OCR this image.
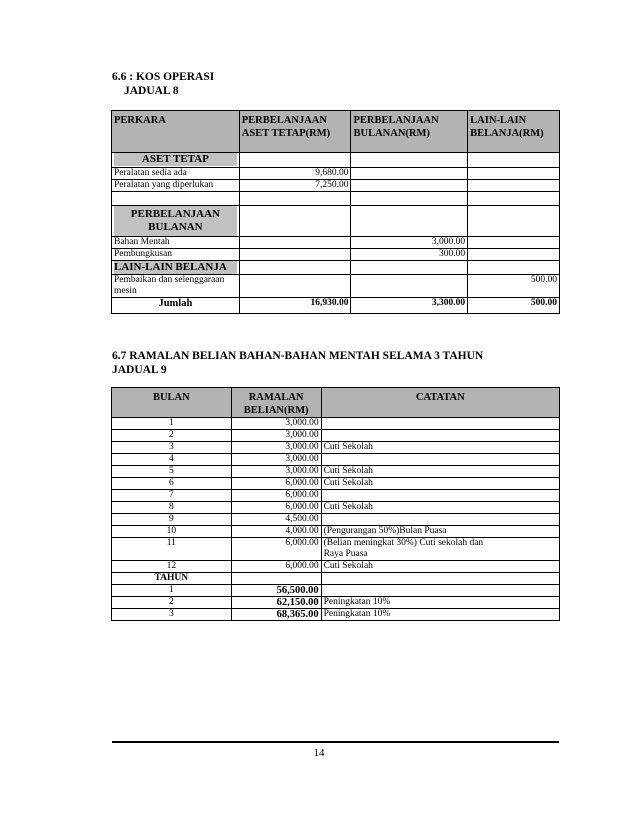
6.6 : KOS OPERASI
JADUAL 8
PERKARA	PERBELANJAAN ASET TETAP(RM)	PERBELANJAAN BULANAN(RM)	LAIN-LAIN BELANJA(RM)

ASET TETAP			

Peralatan sedia ada	9,680.00		
Peralatan yang diperlukan	7,250.00		

PERBELANJAAN BULANAN			

Bahan Mentah		3,000.00	
Pembungkusan		300.00	

LAIN-LAIN BELANJA			

Pembaikan dan selenggaraan mesin			500.00
Jumlah	16,930.00	3,300.00	500.00
6.7 RAMALAN BELIAN BAHAN-BAHAN MENTAH SELAMA 3 TAHUN
JADUAL 9
BULAN	RAMALAN BELIAN(RM)	CATATAN
1	3,000.00	
2	3,000.00	
3	3,000.00	Cuti Sekolah
4	3,000.00	
5	3,000.00	Cuti Sekolah
6	6,000.00	Cuti Sekolah
7	6,000.00	
8	6,000.00	Cuti Sekolah
9	4,500.00	
10	4,000.00	(Pengurangan 50%)Bulan Puasa
11	6,000.00	(Belian meningkat 30%) Cuti sekolah dan Raya Puasa
12	6,000.00	Cuti Sekolah
TAHUN		
1	56,500.00	
2	62,150.00	Peningkatan 10%
3	68,365.00	Peningkatan 10%
14
